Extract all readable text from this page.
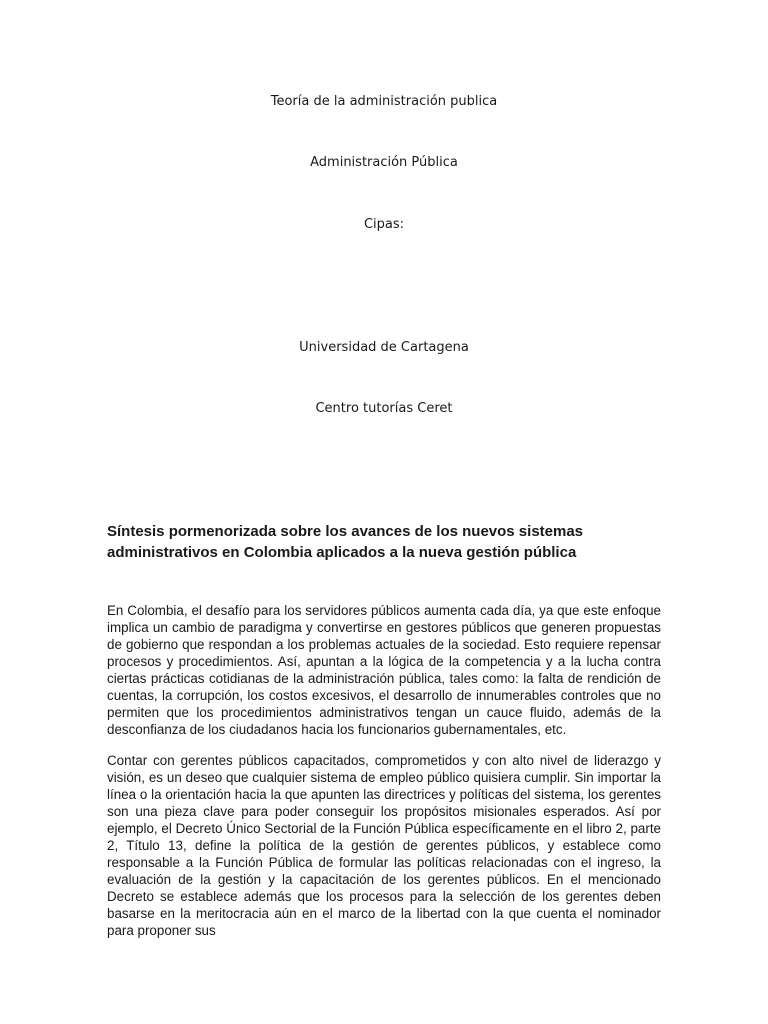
Teoría de la administración publica
Administración Pública
Cipas:
Universidad de Cartagena
Centro tutorías Ceret
Síntesis pormenorizada sobre los avances de los nuevos sistemas administrativos en Colombia aplicados a la nueva gestión pública

En Colombia, el desafío para los servidores públicos aumenta cada día, ya que este enfoque implica un cambio de paradigma y convertirse en gestores públicos que generen propuestas de gobierno que respondan a los problemas actuales de la sociedad. Esto requiere repensar procesos y procedimientos. Así, apuntan a la lógica de la competencia y a la lucha contra ciertas prácticas cotidianas de la administración pública, tales como: la falta de rendición de cuentas, la corrupción, los costos excesivos, el desarrollo de innumerables controles que no permiten que los procedimientos administrativos tengan un cauce fluido, además de la desconfianza de los ciudadanos hacia los funcionarios gubernamentales, etc.

Contar con gerentes públicos capacitados, comprometidos y con alto nivel de liderazgo y visión, es un deseo que cualquier sistema de empleo público quisiera cumplir. Sin importar la línea o la orientación hacia la que apunten las directrices y políticas del sistema, los gerentes son una pieza clave para poder conseguir los propósitos misionales esperados. Así por ejemplo, el Decreto Único Sectorial de la Función Pública específicamente en el libro 2, parte 2, Título 13, define la política de la gestión de gerentes públicos, y establece como responsable a la Función Pública de formular las políticas relacionadas con el ingreso, la evaluación de la gestión y la capacitación de los gerentes públicos. En el mencionado Decreto se establece además que los procesos para la selección de los gerentes deben basarse en la meritocracia aún en el marco de la libertad con la que cuenta el nominador para proponer sus
